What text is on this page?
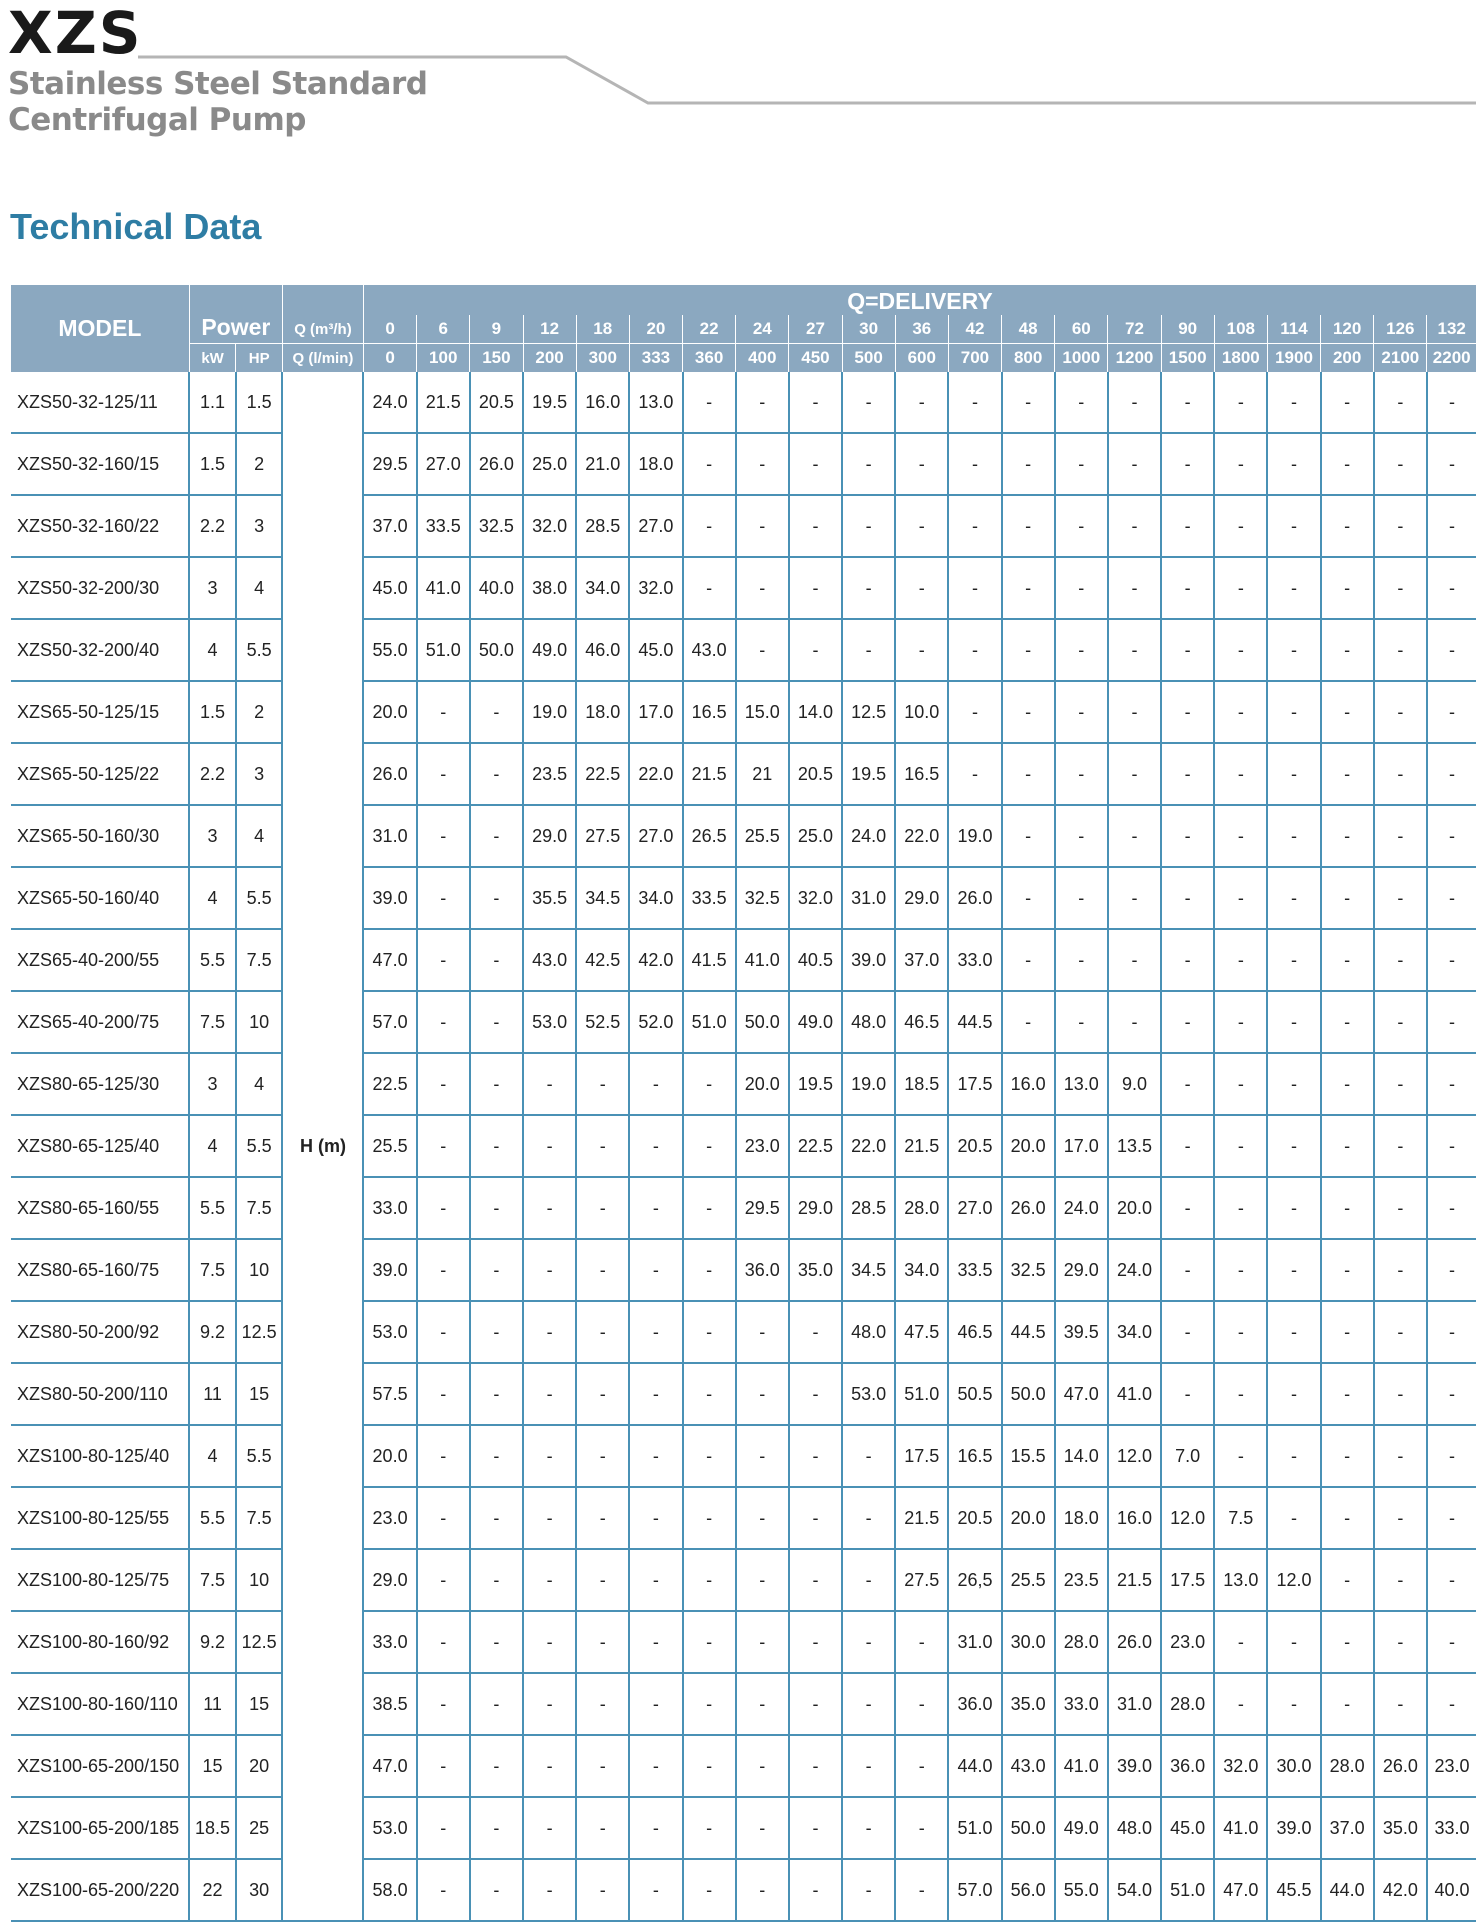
XZS
Stainless Steel Standard
Centrifugal Pump
Technical Data
MODEL	Power			Q=DELIVERY																				
			Q (m³/h)	0	6	9	12	18	20	22	24	27	30	36	42	48	60	72	90	108	114	120	126	132
	kW	HP	Q (l/min)	0	100	150	200	300	333	360	400	450	500	600	700	800	1000	1200	1500	1800	1900	200	2100	2200
XZS50-32-125/11	1.1	1.5	H (m)	24.0	21.5	20.5	19.5	16.0	13.0	-	-	-	-	-	-	-	-	-	-	-	-	-	-	-
XZS50-32-160/15	1.5	2		29.5	27.0	26.0	25.0	21.0	18.0	-	-	-	-	-	-	-	-	-	-	-	-	-	-	-
XZS50-32-160/22	2.2	3		37.0	33.5	32.5	32.0	28.5	27.0	-	-	-	-	-	-	-	-	-	-	-	-	-	-	-
XZS50-32-200/30	3	4		45.0	41.0	40.0	38.0	34.0	32.0	-	-	-	-	-	-	-	-	-	-	-	-	-	-	-
XZS50-32-200/40	4	5.5		55.0	51.0	50.0	49.0	46.0	45.0	43.0	-	-	-	-	-	-	-	-	-	-	-	-	-	-
XZS65-50-125/15	1.5	2		20.0	-	-	19.0	18.0	17.0	16.5	15.0	14.0	12.5	10.0	-	-	-	-	-	-	-	-	-	-
XZS65-50-125/22	2.2	3		26.0	-	-	23.5	22.5	22.0	21.5	21	20.5	19.5	16.5	-	-	-	-	-	-	-	-	-	-
XZS65-50-160/30	3	4		31.0	-	-	29.0	27.5	27.0	26.5	25.5	25.0	24.0	22.0	19.0	-	-	-	-	-	-	-	-	-
XZS65-50-160/40	4	5.5		39.0	-	-	35.5	34.5	34.0	33.5	32.5	32.0	31.0	29.0	26.0	-	-	-	-	-	-	-	-	-
XZS65-40-200/55	5.5	7.5		47.0	-	-	43.0	42.5	42.0	41.5	41.0	40.5	39.0	37.0	33.0	-	-	-	-	-	-	-	-	-
XZS65-40-200/75	7.5	10		57.0	-	-	53.0	52.5	52.0	51.0	50.0	49.0	48.0	46.5	44.5	-	-	-	-	-	-	-	-	-
XZS80-65-125/30	3	4		22.5	-	-	-	-	-	-	20.0	19.5	19.0	18.5	17.5	16.0	13.0	9.0	-	-	-	-	-	-
XZS80-65-125/40	4	5.5		25.5	-	-	-	-	-	-	23.0	22.5	22.0	21.5	20.5	20.0	17.0	13.5	-	-	-	-	-	-
XZS80-65-160/55	5.5	7.5		33.0	-	-	-	-	-	-	29.5	29.0	28.5	28.0	27.0	26.0	24.0	20.0	-	-	-	-	-	-
XZS80-65-160/75	7.5	10		39.0	-	-	-	-	-	-	36.0	35.0	34.5	34.0	33.5	32.5	29.0	24.0	-	-	-	-	-	-
XZS80-50-200/92	9.2	12.5		53.0	-	-	-	-	-	-	-	-	48.0	47.5	46.5	44.5	39.5	34.0	-	-	-	-	-	-
XZS80-50-200/110	11	15		57.5	-	-	-	-	-	-	-	-	53.0	51.0	50.5	50.0	47.0	41.0	-	-	-	-	-	-
XZS100-80-125/40	4	5.5		20.0	-	-	-	-	-	-	-	-	-	17.5	16.5	15.5	14.0	12.0	7.0	-	-	-	-	-
XZS100-80-125/55	5.5	7.5		23.0	-	-	-	-	-	-	-	-	-	21.5	20.5	20.0	18.0	16.0	12.0	7.5	-	-	-	-
XZS100-80-125/75	7.5	10		29.0	-	-	-	-	-	-	-	-	-	27.5	26,5	25.5	23.5	21.5	17.5	13.0	12.0	-	-	-
XZS100-80-160/92	9.2	12.5		33.0	-	-	-	-	-	-	-	-	-	-	31.0	30.0	28.0	26.0	23.0	-	-	-	-	-
XZS100-80-160/110	11	15		38.5	-	-	-	-	-	-	-	-	-	-	36.0	35.0	33.0	31.0	28.0	-	-	-	-	-
XZS100-65-200/150	15	20		47.0	-	-	-	-	-	-	-	-	-	-	44.0	43.0	41.0	39.0	36.0	32.0	30.0	28.0	26.0	23.0
XZS100-65-200/185	18.5	25		53.0	-	-	-	-	-	-	-	-	-	-	51.0	50.0	49.0	48.0	45.0	41.0	39.0	37.0	35.0	33.0
XZS100-65-200/220	22	30		58.0	-	-	-	-	-	-	-	-	-	-	57.0	56.0	55.0	54.0	51.0	47.0	45.5	44.0	42.0	40.0
